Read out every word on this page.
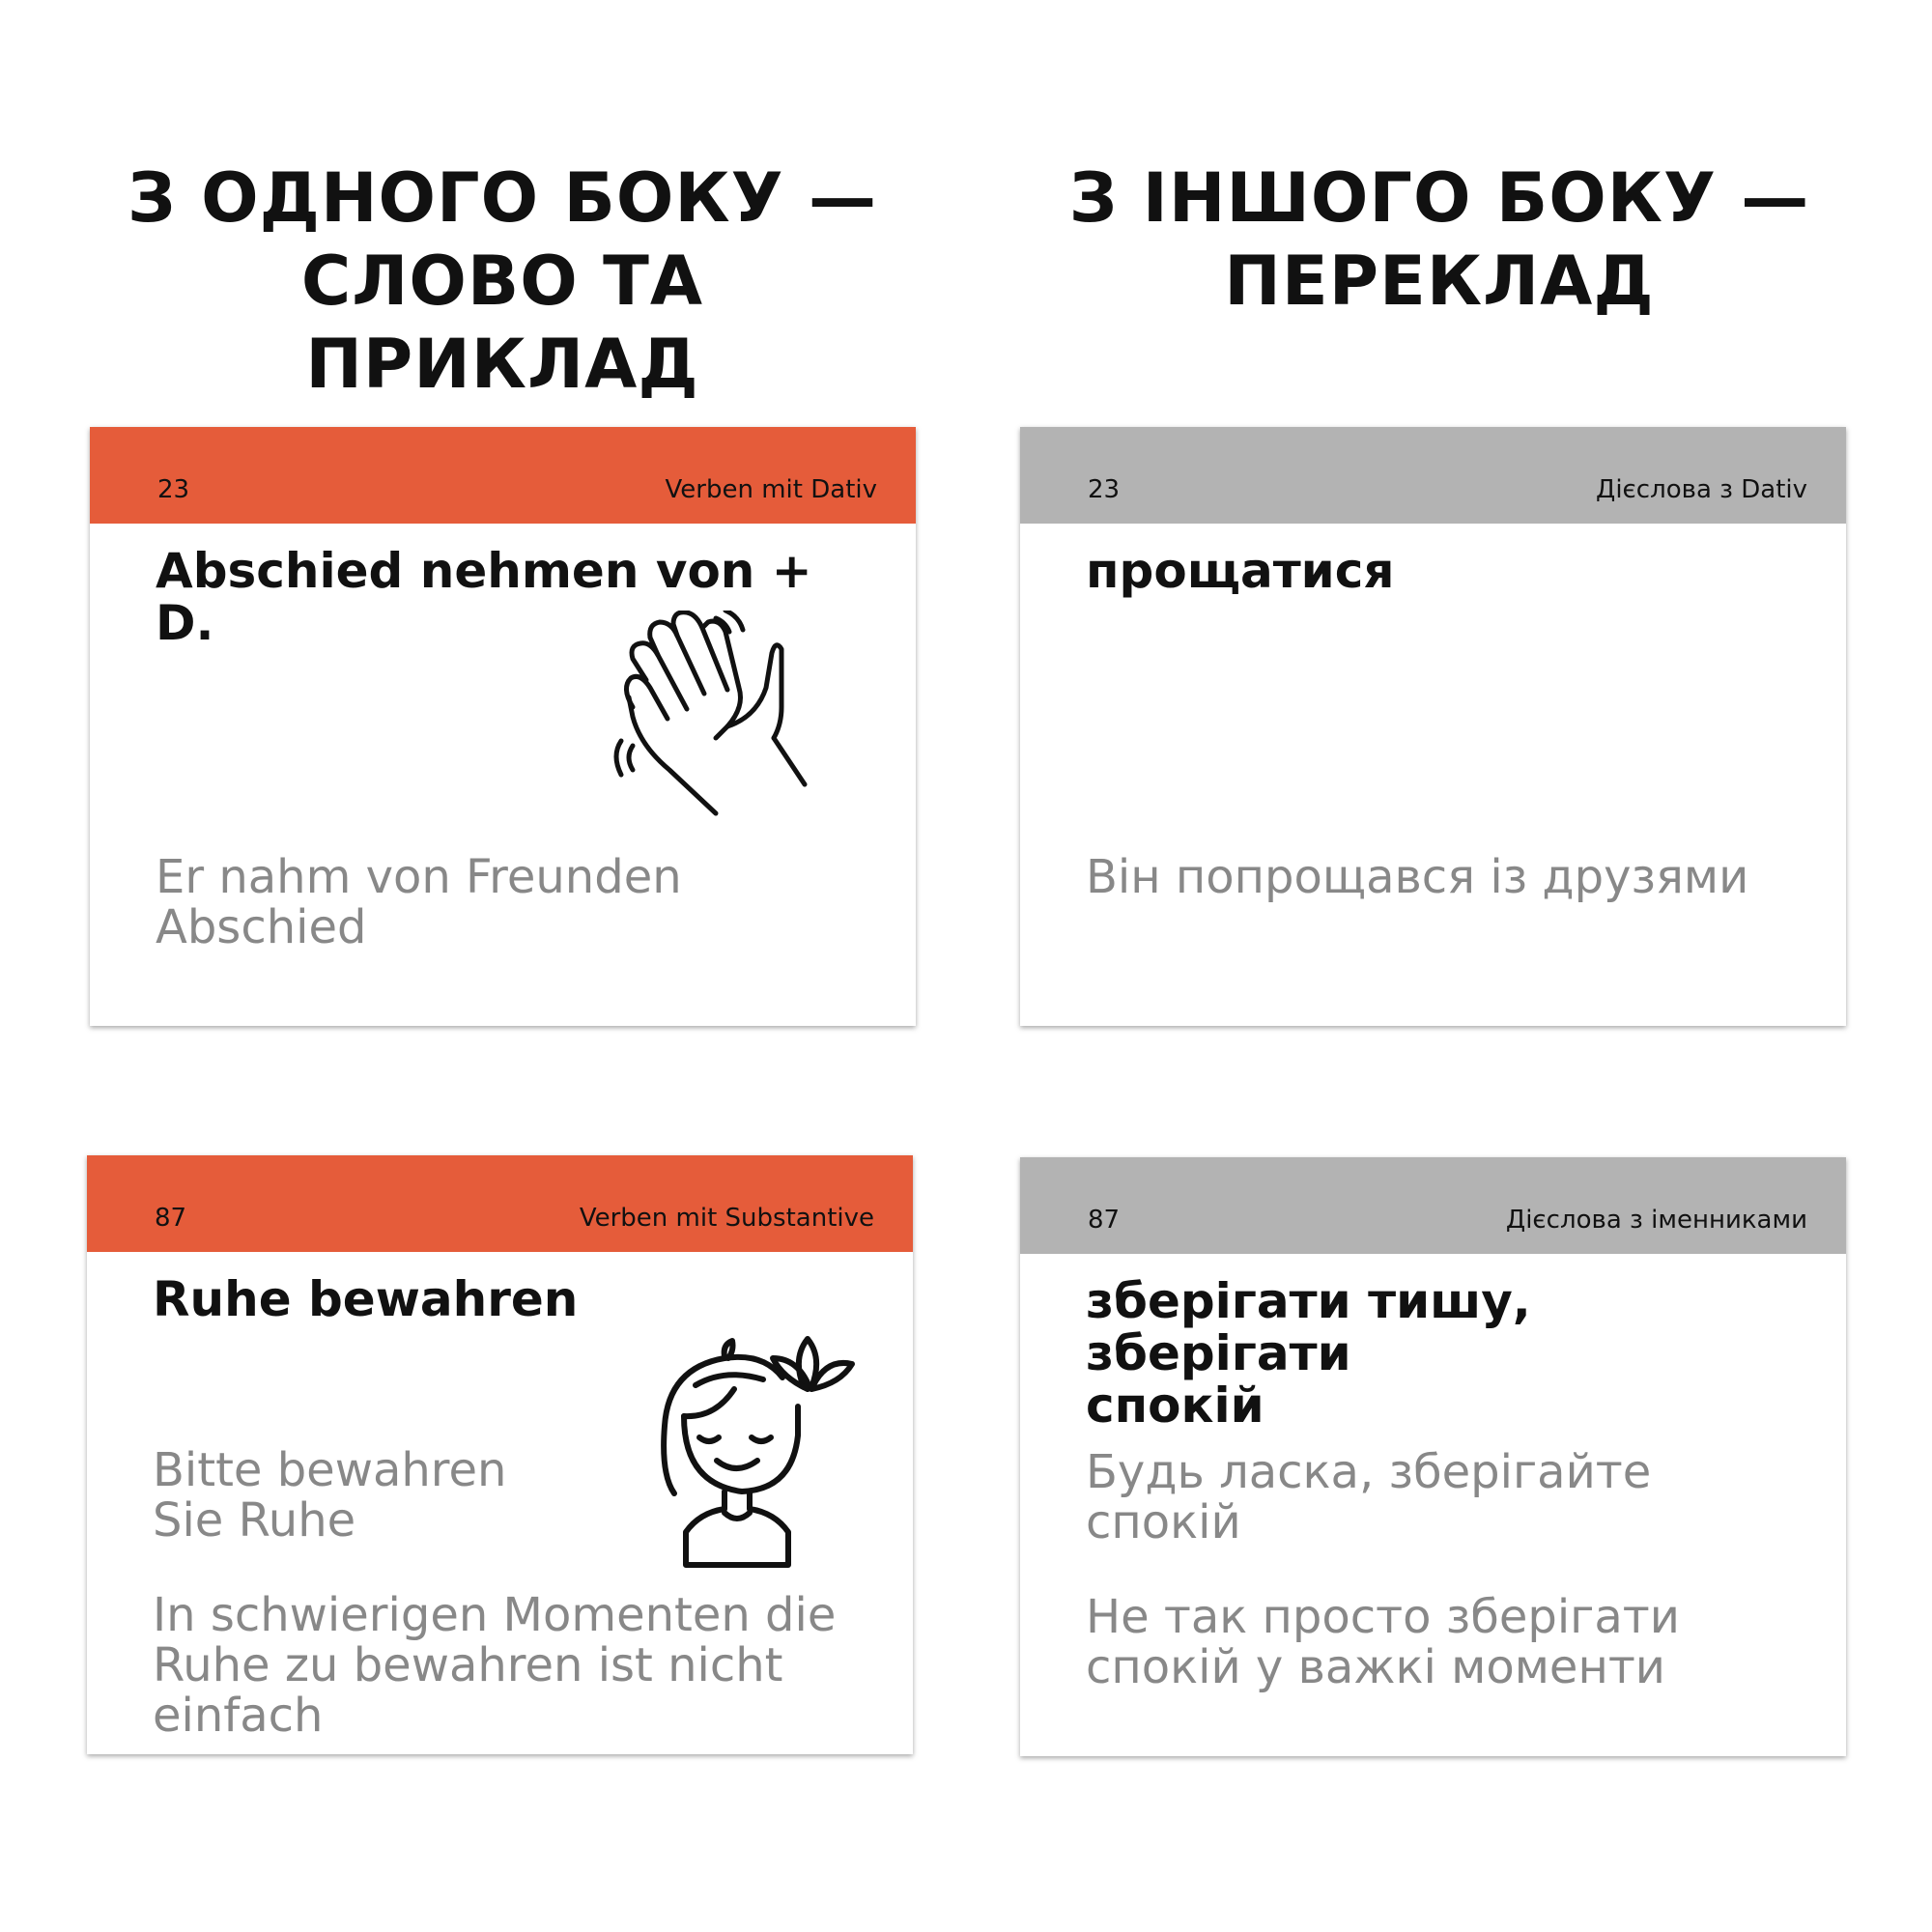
З ОДНОГО БОКУ —
СЛОВО ТА ПРИКЛАД
З ІНШОГО БОКУ —
ПЕРЕКЛАД
23	Verben mit Dativ
Abschied nehmen von + D.
Er nahm von Freunden
Abschied
23	Дієслова з Dativ
прощатися
Він попрощався із друзями
87	Verben mit Substantive
Ruhe bewahren
Bitte bewahren
Sie Ruhe
In schwierigen Momenten die
Ruhe zu bewahren ist nicht
einfach
87	Дієслова з іменниками
зберігати тишу, зберігати
спокій
Будь ласка, зберігайте спокій
Не так просто зберігати
спокій у важкі моменти
